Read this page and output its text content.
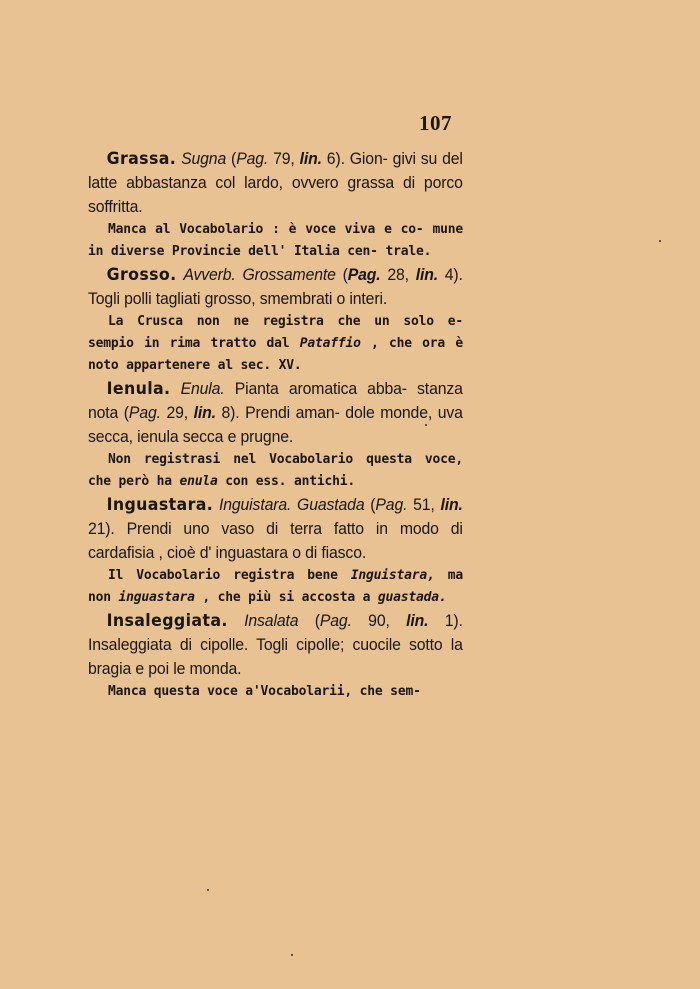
107

Grassa. Sugna (Pag. 79, lin. 6). Gion- givi su del latte abbastanza col lardo, ovvero grassa di porco soffritta.

Manca al Vocabolario : è voce viva e co- mune in diverse Provincie dell' Italia cen- trale.

Grosso. Avverb. Grossamente (Pag. 28, lin. 4). Togli polli tagliati grosso, smembrati o interi.

La Crusca non ne registra che un solo e- sempio in rima tratto dal Pataffio , che ora è noto appartenere al sec. XV.

Ienula. Enula. Pianta aromatica abba- stanza nota (Pag. 29, lin. 8). Prendi aman- dole monde, uva secca, ienula secca e prugne.

Non registrasi nel Vocabolario questa voce, che però ha enula con ess. antichi.

Inguastara. Inguistara. Guastada (Pag. 51, lin. 21). Prendi uno vaso di terra fatto in modo di cardafisia , cioè d' inguastara o di fiasco.

Il Vocabolario registra bene Inguistara, ma non inguastara , che più si accosta a guastada.

Insaleggiata. Insalata (Pag. 90, lin. 1). Insaleggiata di cipolle. Togli cipolle; cuocile sotto la bragia e poi le monda.

Manca questa voce a'Vocabolarii, che sem-
